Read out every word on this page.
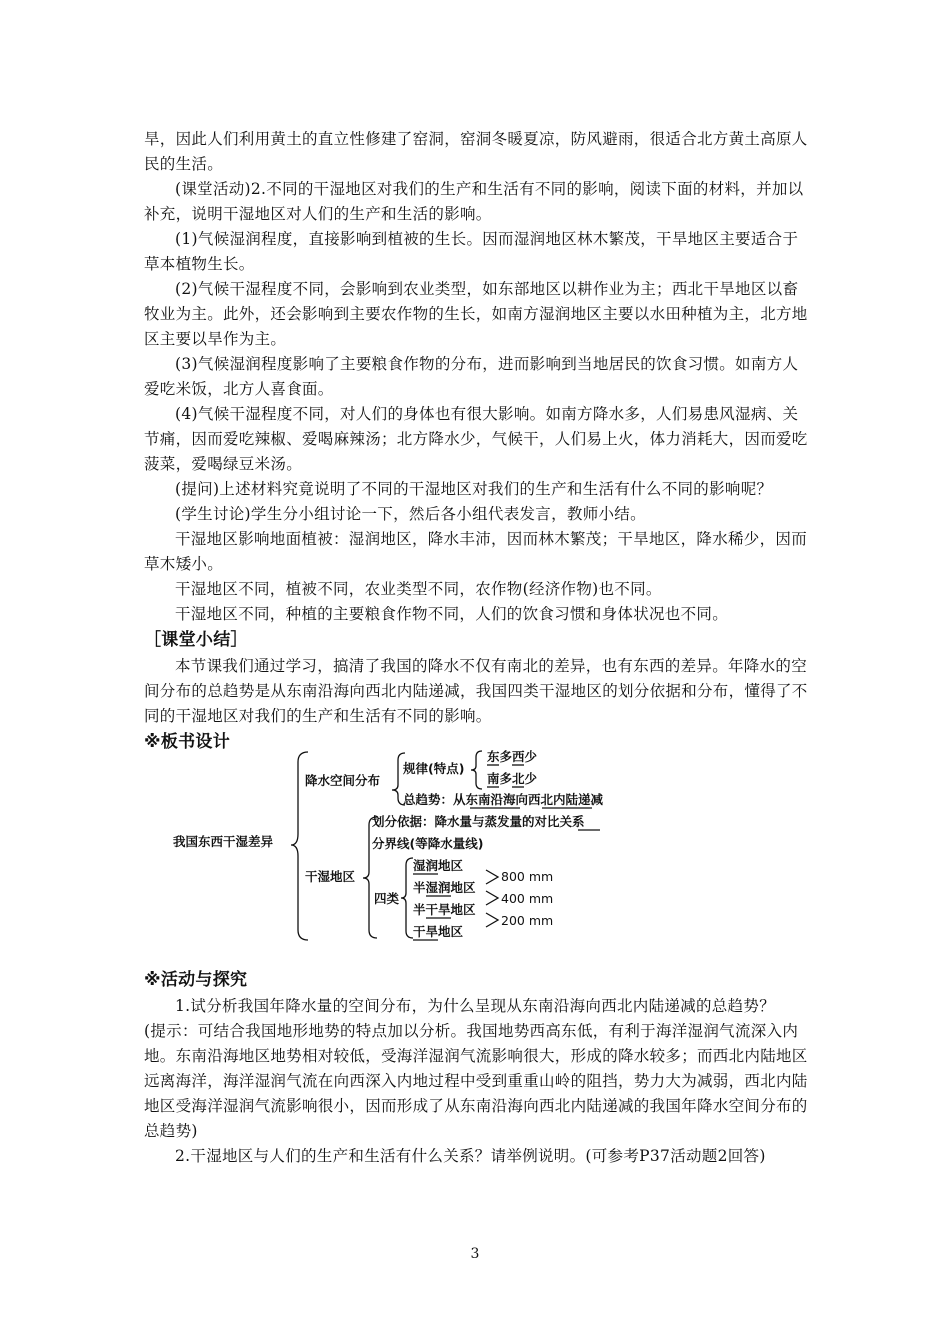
旱，因此人们利用黄土的直立性修建了窑洞，窑洞冬暖夏凉，防风避雨，很适合北方黄土高原人民的生活。

(课堂活动)2.不同的干湿地区对我们的生产和生活有不同的影响，阅读下面的材料，并加以补充，说明干湿地区对人们的生产和生活的影响。

(1)气候湿润程度，直接影响到植被的生长。因而湿润地区林木繁茂，干旱地区主要适合于草本植物生长。

(2)气候干湿程度不同，会影响到农业类型，如东部地区以耕作业为主；西北干旱地区以畜牧业为主。此外，还会影响到主要农作物的生长，如南方湿润地区主要以水田种植为主，北方地区主要以旱作为主。

(3)气候湿润程度影响了主要粮食作物的分布，进而影响到当地居民的饮食习惯。如南方人爱吃米饭，北方人喜食面。

(4)气候干湿程度不同，对人们的身体也有很大影响。如南方降水多，人们易患风湿病、关节痛，因而爱吃辣椒、爱喝麻辣汤；北方降水少，气候干，人们易上火，体力消耗大，因而爱吃菠菜，爱喝绿豆米汤。

(提问)上述材料究竟说明了不同的干湿地区对我们的生产和生活有什么不同的影响呢？

(学生讨论)学生分小组讨论一下，然后各小组代表发言，教师小结。

干湿地区影响地面植被：湿润地区，降水丰沛，因而林木繁茂；干旱地区，降水稀少，因而草木矮小。

干湿地区不同，植被不同，农业类型不同，农作物(经济作物)也不同。

干湿地区不同，种植的主要粮食作物不同，人们的饮食习惯和身体状况也不同。

［课堂小结］

本节课我们通过学习，搞清了我国的降水不仅有南北的差异，也有东西的差异。年降水的空间分布的总趋势是从东南沿海向西北内陆递减，我国四类干湿地区的划分依据和分布，懂得了不同的干湿地区对我们的生产和生活有不同的影响。

※板书设计

我国东西干湿差异
降水空间分布
规律(特点)
东多西少
南多北少
总趋势：从东南沿海向西北内陆递减
干湿地区
划分依据：降水量与蒸发量的对比关系
分界线(等降水量线)
四类
湿润地区
半湿润地区
半干旱地区
干旱地区
800 mm
400 mm
200 mm

※活动与探究

1.试分析我国年降水量的空间分布，为什么呈现从东南沿海向西北内陆递减的总趋势？

(提示：可结合我国地形地势的特点加以分析。我国地势西高东低，有利于海洋湿润气流深入内地。东南沿海地区地势相对较低，受海洋湿润气流影响很大，形成的降水较多；而西北内陆地区远离海洋，海洋湿润气流在向西深入内地过程中受到重重山岭的阻挡，势力大为减弱，西北内陆地区受海洋湿润气流影响很小，因而形成了从东南沿海向西北内陆递减的我国年降水空间分布的总趋势)

2.干湿地区与人们的生产和生活有什么关系？请举例说明。(可参考P37活动题2回答)

3
